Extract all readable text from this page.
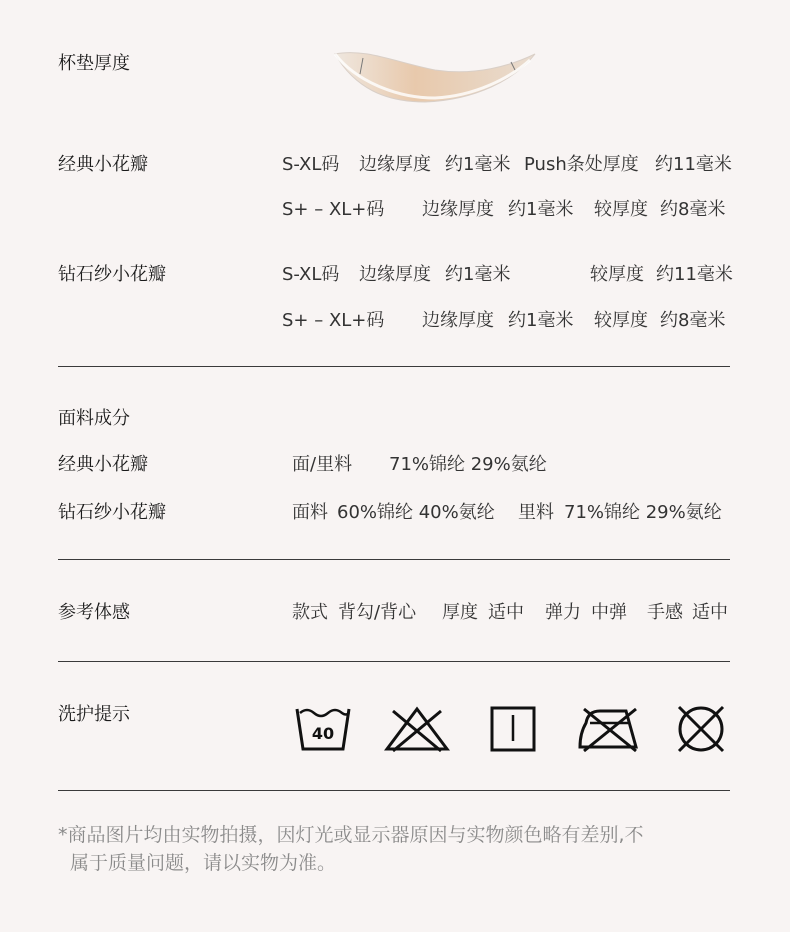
杯垫厚度
经典小花瓣	S-XL码 边缘厚度 约1毫米 Push条处厚度 约11毫米
S+ – XL+码 边缘厚度 约1毫米 较厚度 约8毫米
钻石纱小花瓣	S-XL码 边缘厚度 约1毫米	较厚度 约11毫米
S+ – XL+码 边缘厚度 约1毫米 较厚度 约8毫米
面料成分
经典小花瓣	面/里料 71%锦纶 29%氨纶
钻石纱小花瓣	面料 60%锦纶 40%氨纶 里料 71%锦纶 29%氨纶
参考体感	款式 背勾/背心 厚度 适中 弹力 中弹 手感 适中
洗护提示
40
*商品图片均由实物拍摄，因灯光或显示器原因与实物颜色略有差别,不
属于质量问题，请以实物为准。
